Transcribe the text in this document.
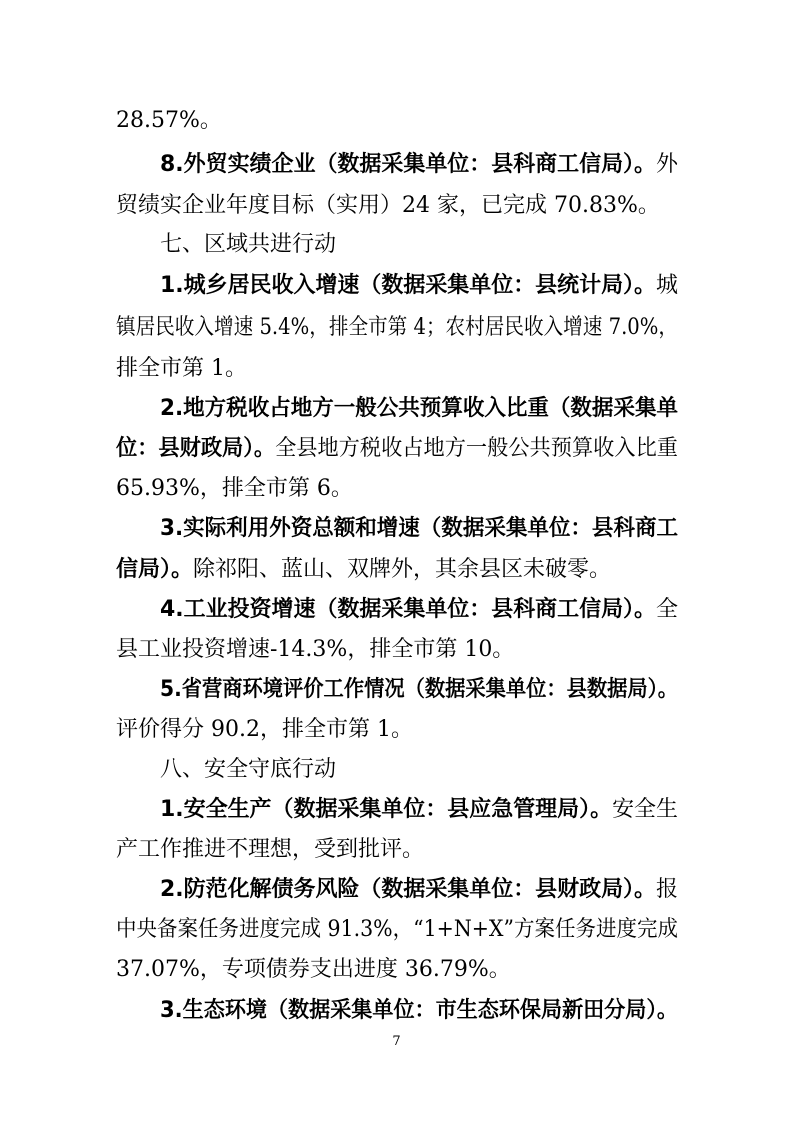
28.57%。
8.外贸实绩企业（数据采集单位：县科商工信局）。外
贸绩实企业年度目标（实用）24 家，已完成 70.83%。
七、区域共进行动
1.城乡居民收入增速（数据采集单位：县统计局）。城
镇居民收入增速 5.4%，排全市第 4；农村居民收入增速 7.0%，
排全市第 1。
2.地方税收占地方一般公共预算收入比重（数据采集单
位：县财政局）。全县地方税收占地方一般公共预算收入比重
65.93%，排全市第 6。
3.实际利用外资总额和增速（数据采集单位：县科商工
信局）。除祁阳、蓝山、双牌外，其余县区未破零。
4.工业投资增速（数据采集单位：县科商工信局）。全
县工业投资增速-14.3%，排全市第 10。
5.省营商环境评价工作情况（数据采集单位：县数据局）。
评价得分 90.2，排全市第 1。
八、安全守底行动
1.安全生产（数据采集单位：县应急管理局）。安全生
产工作推进不理想，受到批评。
2.防范化解债务风险（数据采集单位：县财政局）。报
中央备案任务进度完成 91.3%，“1+N+X”方案任务进度完成
37.07%，专项债券支出进度 36.79%。
3.生态环境（数据采集单位：市生态环保局新田分局）。
7
